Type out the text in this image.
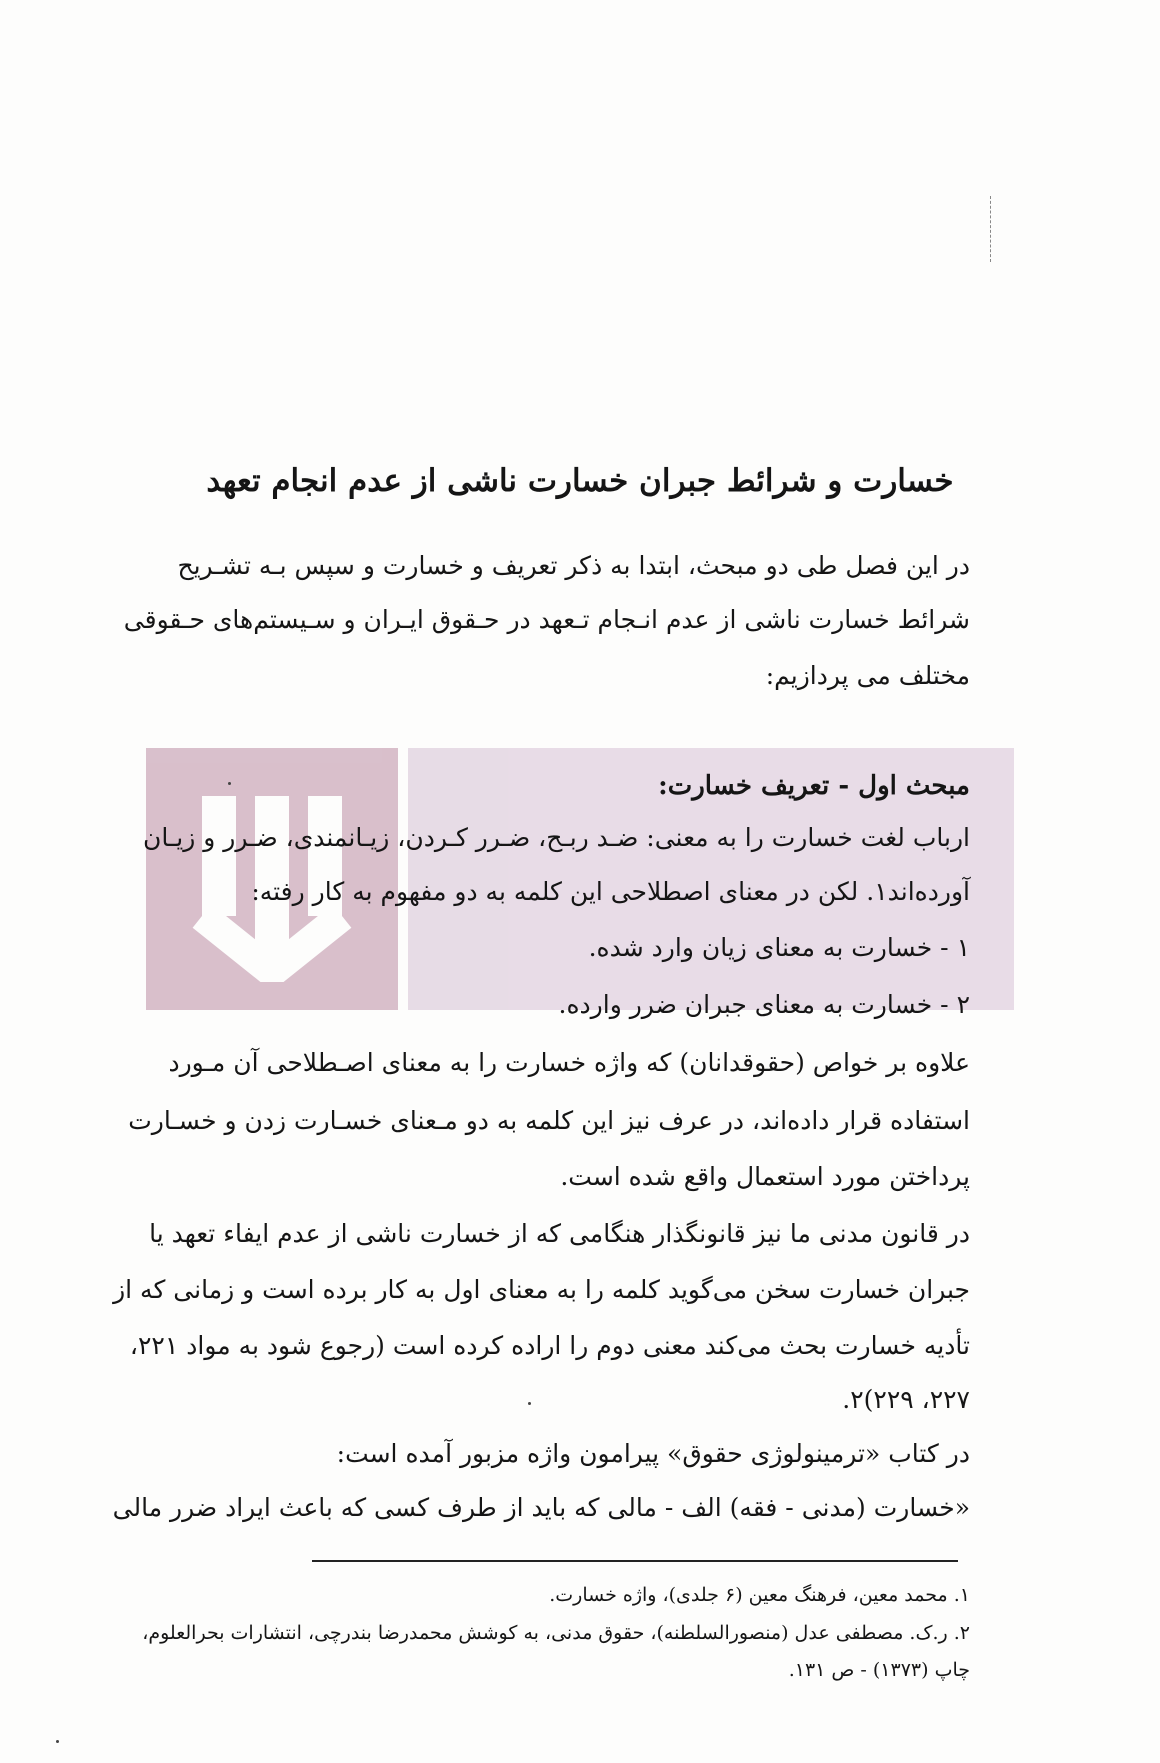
خسارت و شرائط جبران خسارت ناشی از عدم انجام تعهد

در این فصل طی دو مبحث، ابتدا به ذکر تعریف و خسارت و سپس بـه تشـریح

شرائط خسارت ناشی از عدم انـجام تـعهد در حـقوق ایـران و سـیستم‌های حـقوقی

مختلف می پردازیم:

مبحث اول - تعریف خسارت:

ارباب لغت خسارت را به معنی: ضـد ربـح، ضـرر کـردن، زیـانمندی، ضـرر و زیـان

آورده‌اند١. لکن در معنای اصطلاحی این کلمه به دو مفهوم به کار رفته:

١ - خسارت به معنای زیان وارد شده.

٢ - خسارت به معنای جبران ضرر وارده.

علاوه بر خواص (حقوقدانان) که واژه خسارت را به معنای اصـطلاحی آن مـورد

استفاده قرار داده‌اند، در عرف نیز این کلمه به دو مـعنای خسـارت زدن و خسـارت

پرداختن مورد استعمال واقع شده است.

در قانون مدنی ما نیز قانونگذار هنگامی که از خسارت ناشی از عدم ایفاء تعهد یا

جبران خسارت سخن می‌گوید کلمه را به معنای اول به کار برده است و زمانی که از

تأدیه خسارت بحث می‌کند معنی دوم را اراده کرده است (رجوع شود به مواد ٢٢١،

٢٢٧، ٢٢٩)٢.

در کتاب «ترمینولوژی حقوق» پیرامون واژه مزبور آمده است:

«خسارت (مدنی - فقه) الف - مالی که باید از طرف کسی که باعث ایراد ضرر مالی

١. محمد معین، فرهنگ معین (۶ جلدی)، واژه خسارت.

٢. ر.ک. مصطفی عدل (منصورالسلطنه)، حقوق مدنی، به کوشش محمدرضا بندرچی، انتشارات بحرالعلوم،

چاپ (١٣٧٣) - ص ١٣١.
